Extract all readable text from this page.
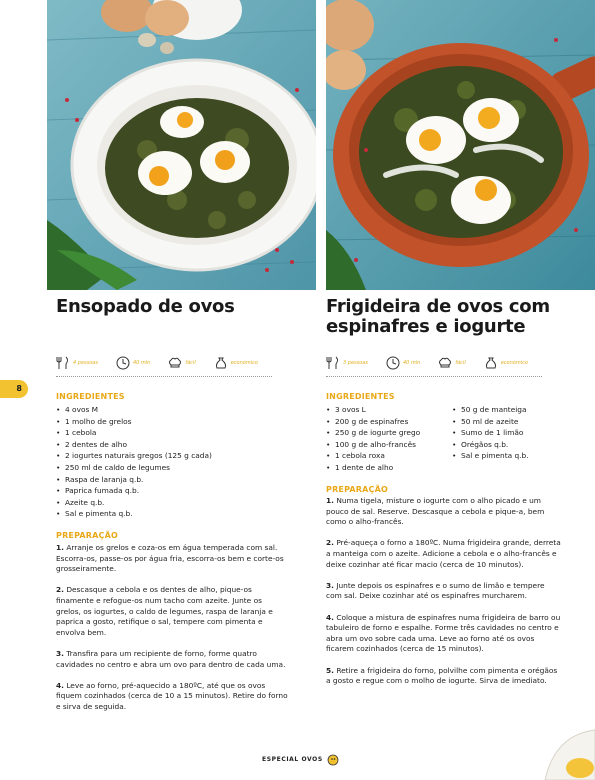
Ensopado de ovos	Frigideira de ovos com espinafres e iogurte
4 pessoas	40 min	fácil	económico	3 pessoas	40 min	fácil	económico
8
INGREDIENTES
• 4 ovos M
• 1 molho de grelos
• 1 cebola
• 2 dentes de alho
• 2 iogurtes naturais gregos (125 g cada)
• 250 ml de caldo de legumes
• Raspa de laranja q.b.
• Paprica fumada q.b.
• Azeite q.b.
• Sal e pimenta q.b.
PREPARAÇÃO

1. Arranje os grelos e coza-os em água temperada com sal. Escorra-os, passe-os por água fria, escorra-os bem e corte-os grosseiramente.

2. Descasque a cebola e os dentes de alho, pique-os finamente e refogue-os num tacho com azeite. Junte os grelos, os iogurtes, o caldo de legumes, raspa de laranja e paprica a gosto, retifique o sal, tempere com pimenta e envolva bem.

3. Transfira para um recipiente de forno, forme quatro cavidades no centro e abra um ovo para dentro de cada uma.

4. Leve ao forno, pré-aquecido a 180ºC, até que os ovos fiquem cozinhados (cerca de 10 a 15 minutos). Retire do forno e sirva de seguida.

INGREDIENTES
• 3 ovos L
• 200 g de espinafres
• 250 g de iogurte grego
• 100 g de alho-francês
• 1 cebola roxa
• 1 dente de alho
• 50 g de manteiga
• 50 ml de azeite
• Sumo de 1 limão
• Orégãos q.b.
• Sal e pimenta q.b.
PREPARAÇÃO

1. Numa tigela, misture o iogurte com o alho picado e um pouco de sal. Reserve. Descasque a cebola e pique-a, bem como o alho-francês.

2. Pré-aqueça o forno a 180ºC. Numa frigideira grande, derreta a manteiga com o azeite. Adicione a cebola e o alho-francês e deixe cozinhar até ficar macio (cerca de 10 minutos).

3. Junte depois os espinafres e o sumo de limão e tempere com sal. Deixe cozinhar até os espinafres murcharem.

4. Coloque a mistura de espinafres numa frigideira de barro ou tabuleiro de forno e espalhe. Forme três cavidades no centro e abra um ovo sobre cada uma. Leve ao forno até os ovos ficarem cozinhados (cerca de 15 minutos).

5. Retire a frigideira do forno, polvilhe com pimenta e orégãos a gosto e regue com o molho de iogurte. Sirva de imediato.

ESPECIAL OVOS
